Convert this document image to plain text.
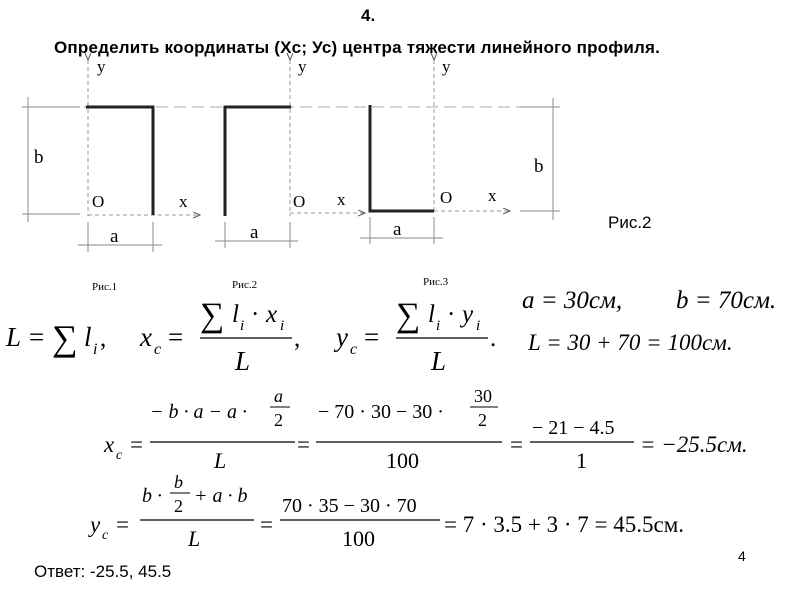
4.
Определить координаты (Хс; Ус) центра тяжести линейного профиля.
y
O	x
b
a
Рис.1
y
O x
a
Рис.2
y
O x
a
b
Рис.3
Рис.2
L = ∑ l i , x c =
∑ l i · x i
L
, y c =
∑ l i · y i
L
.
a = 30см, b = 70см.
L = 30 + 70 = 100см.
x c =
− b · a − a ·
a
2
L
=
− 70 · 30 − 30 ·
30
2
100
=
− 21 − 4.5
1
= −25.5см.
y c =
b ·
b
2 + a · b
L
=
70 · 35 − 30 · 70
100
= 7 · 3.5 + 3 · 7 = 45.5см.
Ответ: -25.5, 45.5
4
